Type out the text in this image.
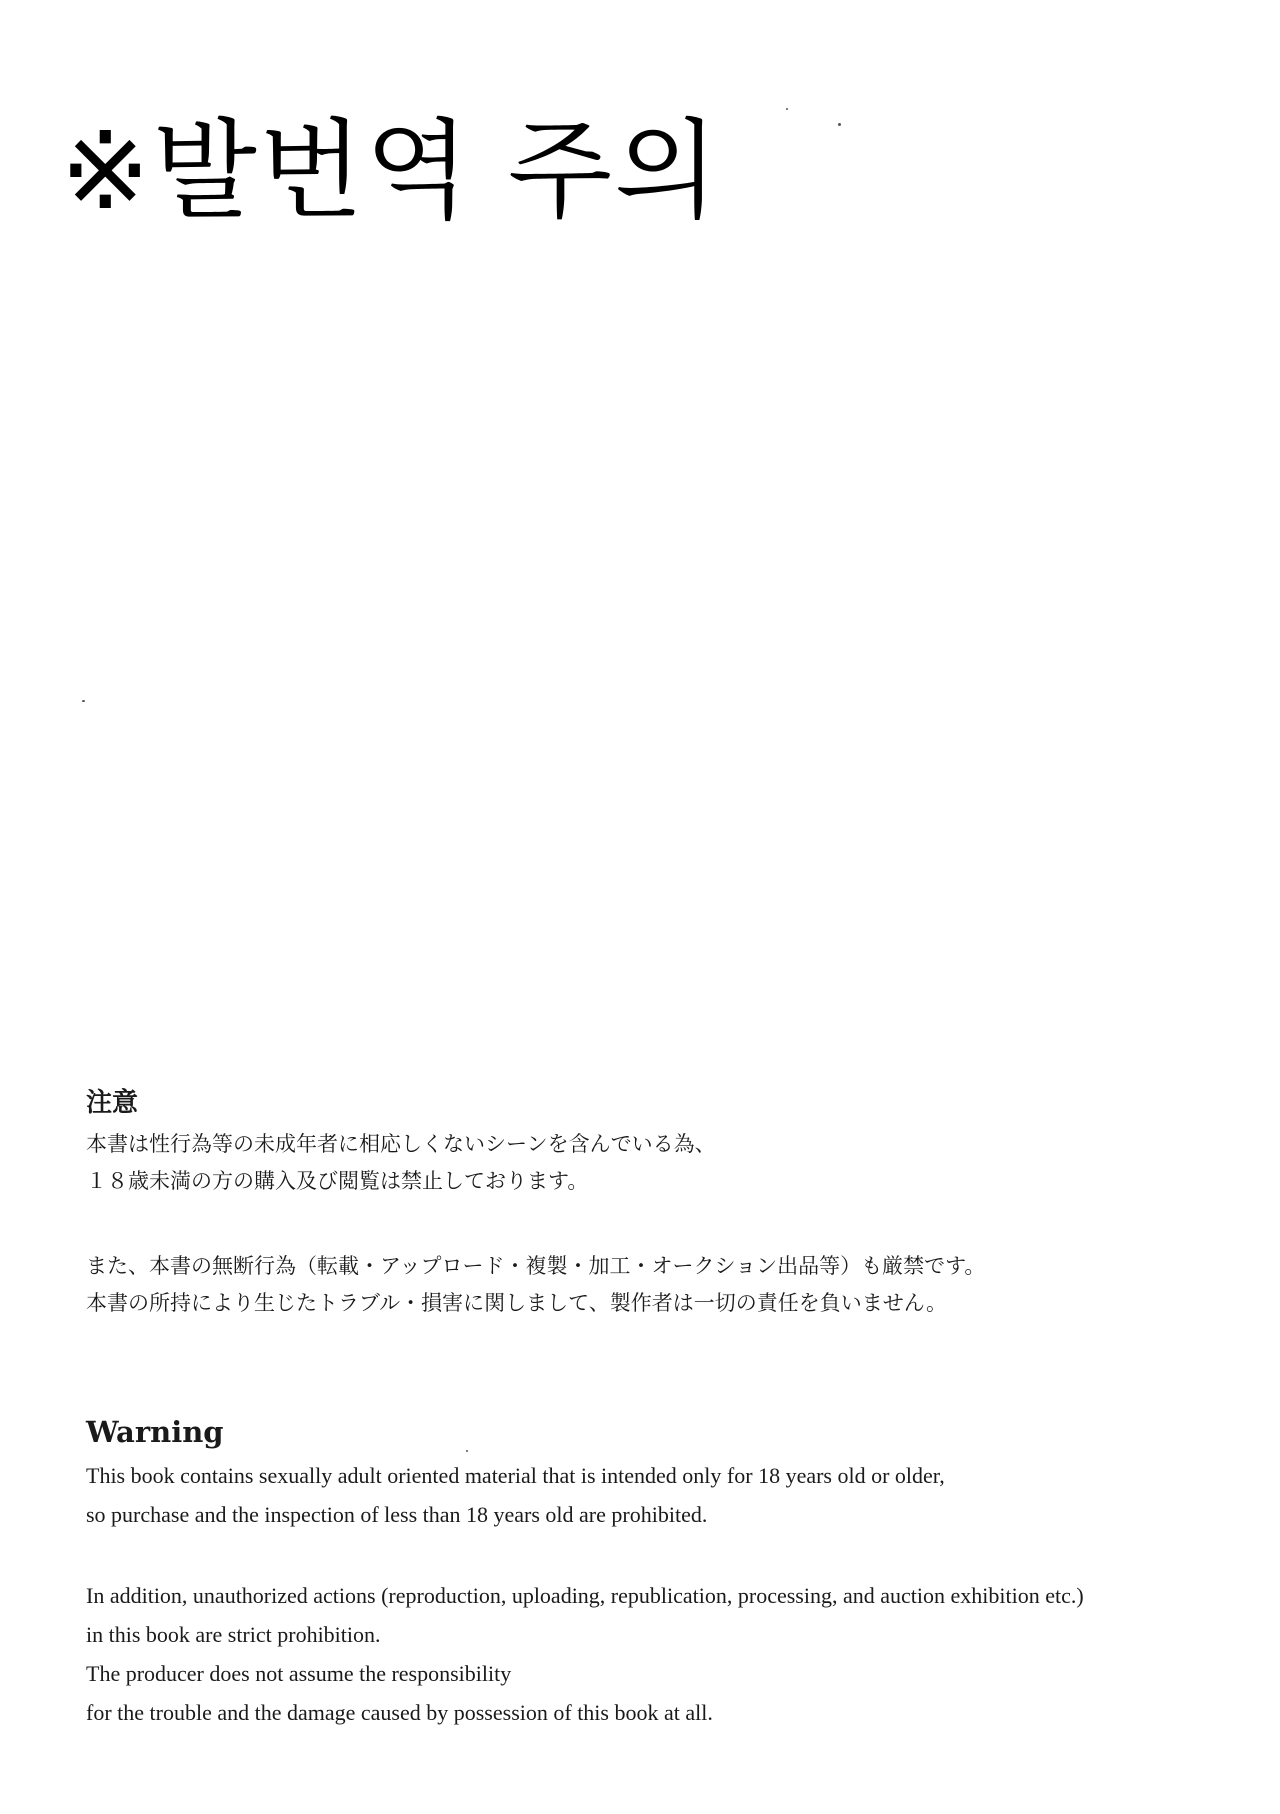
※발번역 주의
注意

本書は性行為等の未成年者に相応しくないシーンを含んでいる為、

１８歳未満の方の購入及び閲覧は禁止しております。

また、本書の無断行為（転載・アップロード・複製・加工・オークション出品等）も厳禁です。

本書の所持により生じたトラブル・損害に関しまして、製作者は一切の責任を負いません。

Warning

This book contains sexually adult oriented material that is intended only for 18 years old or older,

so purchase and the inspection of less than 18 years old are prohibited.

In addition, unauthorized actions (reproduction, uploading, republication, processing, and auction exhibition etc.)

in this book are strict prohibition.

The producer does not assume the responsibility

for the trouble and the damage caused by possession of this book at all.
